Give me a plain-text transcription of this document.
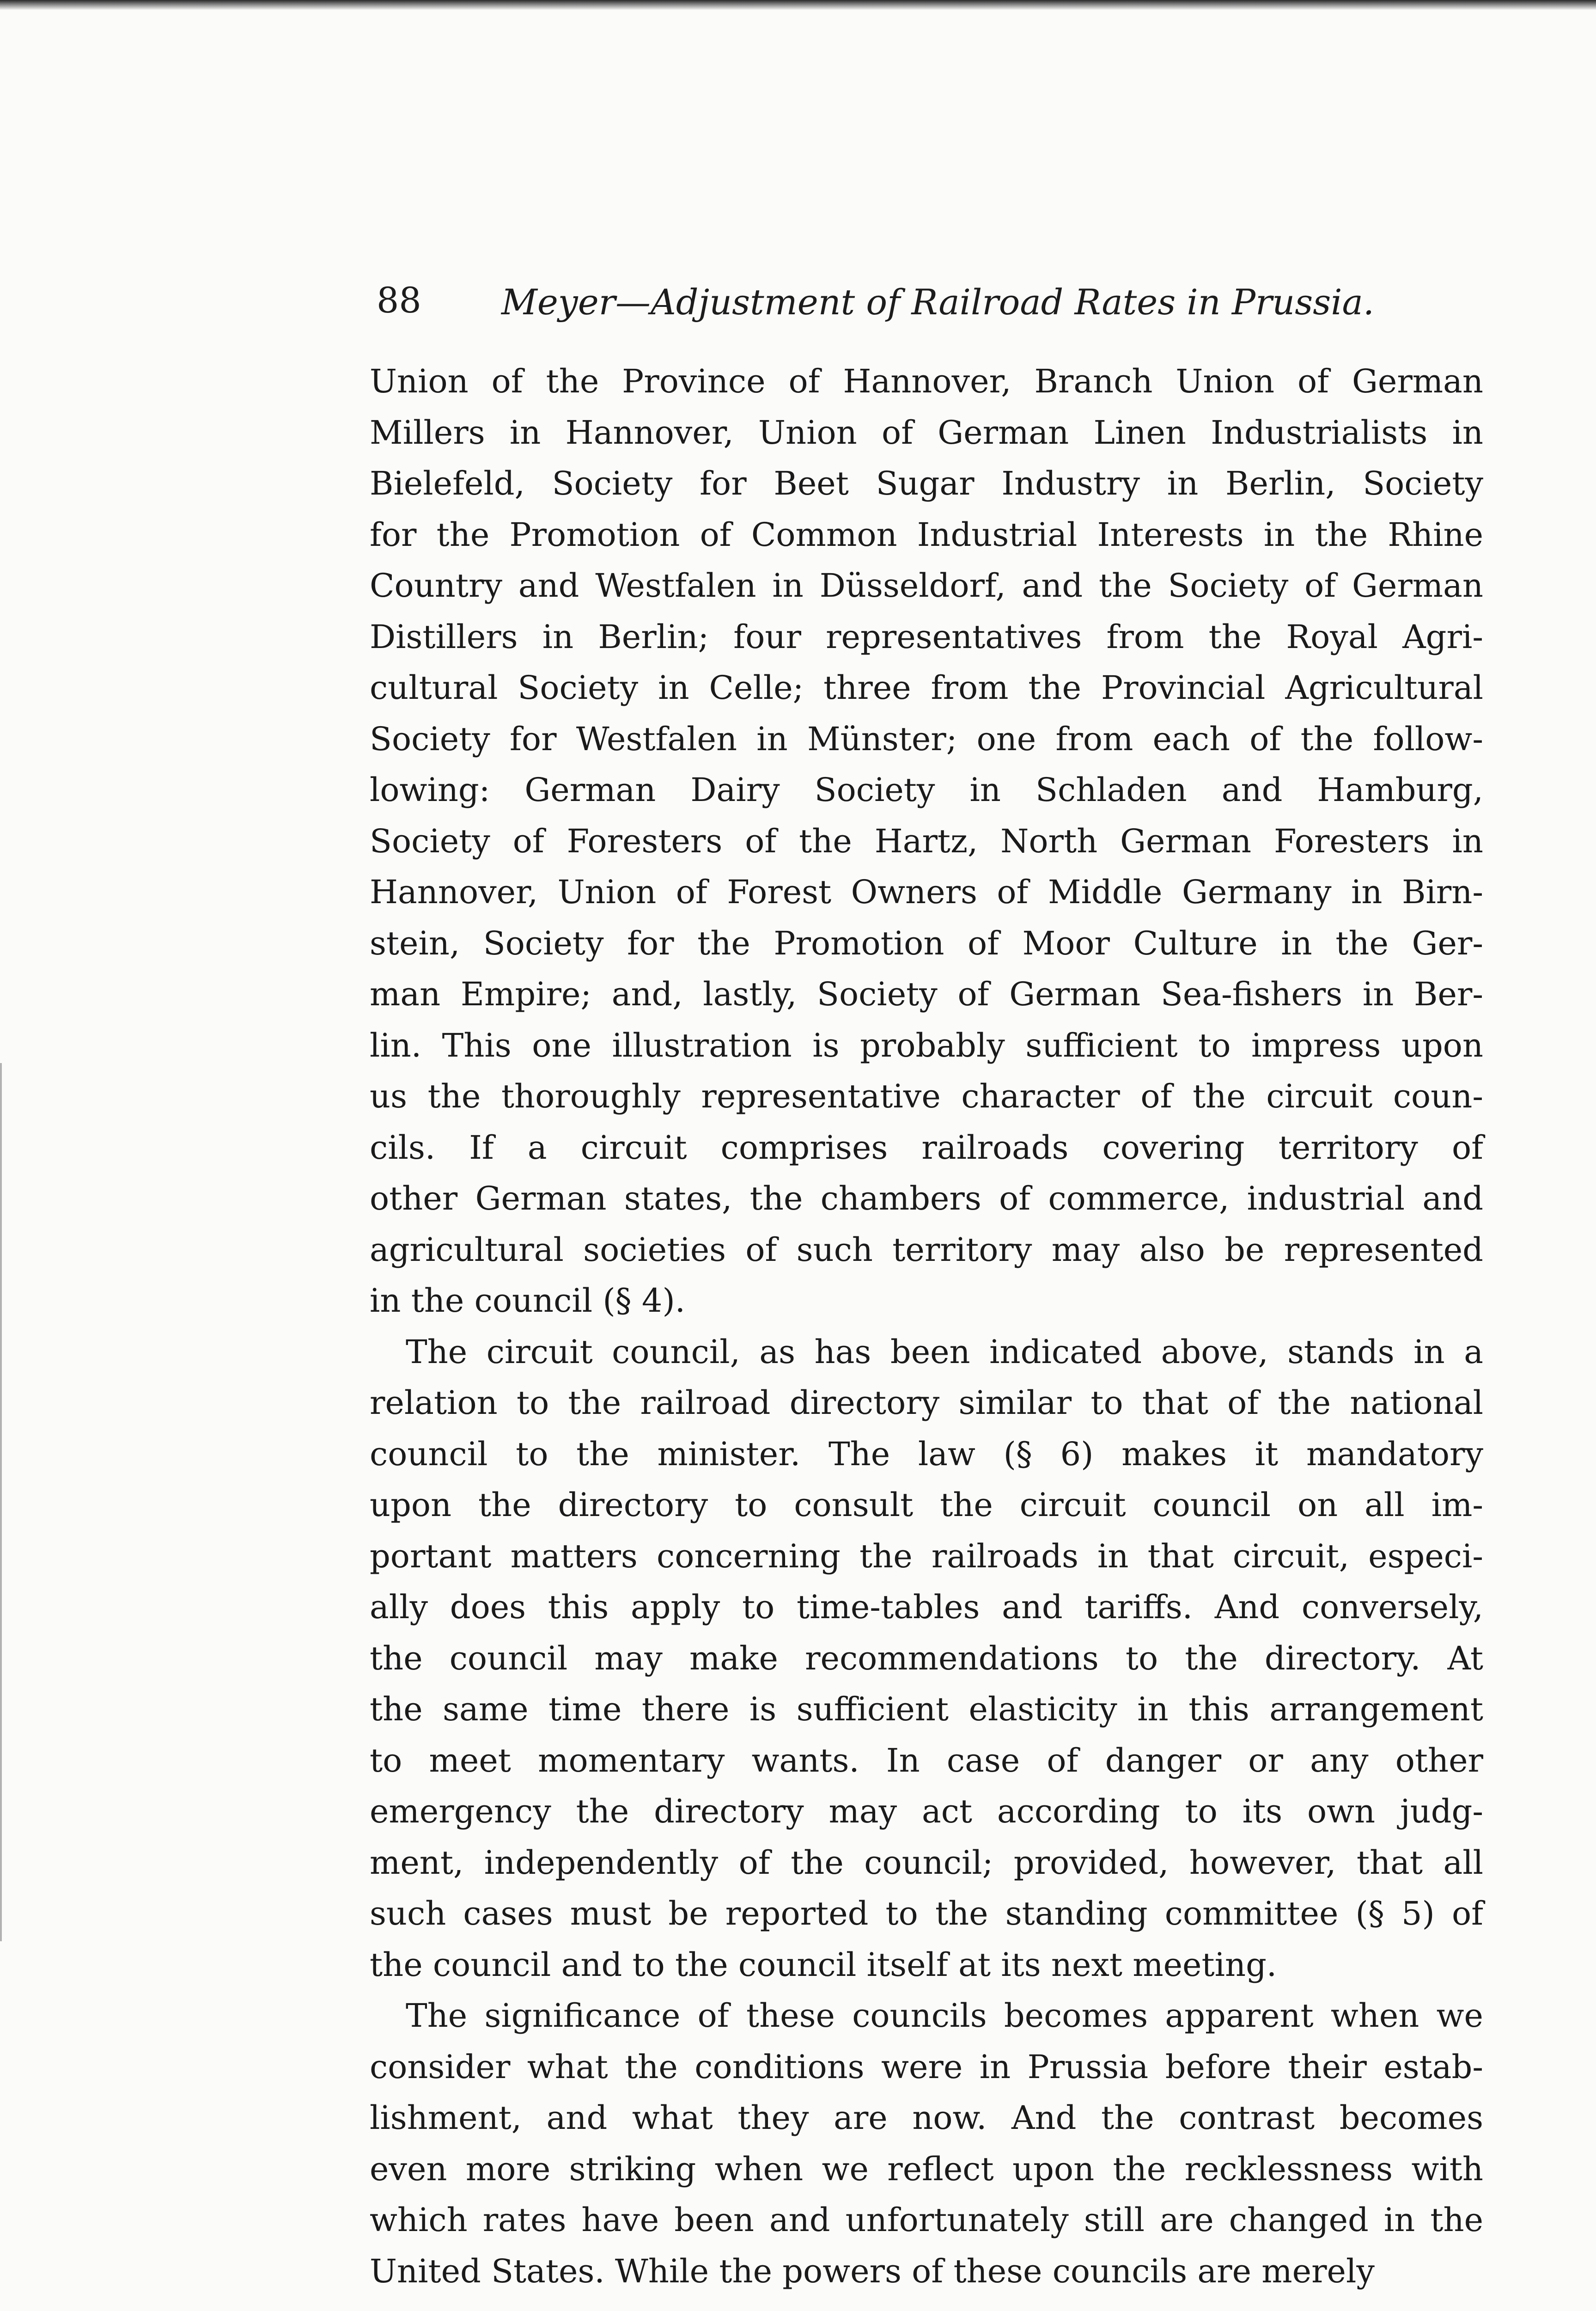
88 Meyer—Adjustment of Railroad Rates in Prussia.

Union of the Province of Hannover, Branch Union of German
Millers in Hannover, Union of German Linen Industrialists in
Bielefeld, Society for Beet Sugar Industry in Berlin, Society
for the Promotion of Common Industrial Interests in the Rhine
Country and Westfalen in Düsseldorf, and the Society of German
Distillers in Berlin; four representatives from the Royal Agri-
cultural Society in Celle; three from the Provincial Agricultural
Society for Westfalen in Münster; one from each of the follow-
lowing: German Dairy Society in Schladen and Hamburg,
Society of Foresters of the Hartz, North German Foresters in
Hannover, Union of Forest Owners of Middle Germany in Birn-
stein, Society for the Promotion of Moor Culture in the Ger-
man Empire; and, lastly, Society of German Sea-fishers in Ber-
lin. This one illustration is probably sufficient to impress upon
us the thoroughly representative character of the circuit coun-
cils. If a circuit comprises railroads covering territory of
other German states, the chambers of commerce, industrial and
agricultural societies of such territory may also be represented
in the council (§ 4).

The circuit council, as has been indicated above, stands in a
relation to the railroad directory similar to that of the national
council to the minister. The law (§ 6) makes it mandatory
upon the directory to consult the circuit council on all im-
portant matters concerning the railroads in that circuit, especi-
ally does this apply to time-tables and tariffs. And conversely,
the council may make recommendations to the directory. At
the same time there is sufficient elasticity in this arrangement
to meet momentary wants. In case of danger or any other
emergency the directory may act according to its own judg-
ment, independently of the council; provided, however, that all
such cases must be reported to the standing committee (§ 5) of
the council and to the council itself at its next meeting.

The significance of these councils becomes apparent when we
consider what the conditions were in Prussia before their estab-
lishment, and what they are now. And the contrast becomes
even more striking when we reflect upon the recklessness with
which rates have been and unfortunately still are changed in the
United States. While the powers of these councils are merely
